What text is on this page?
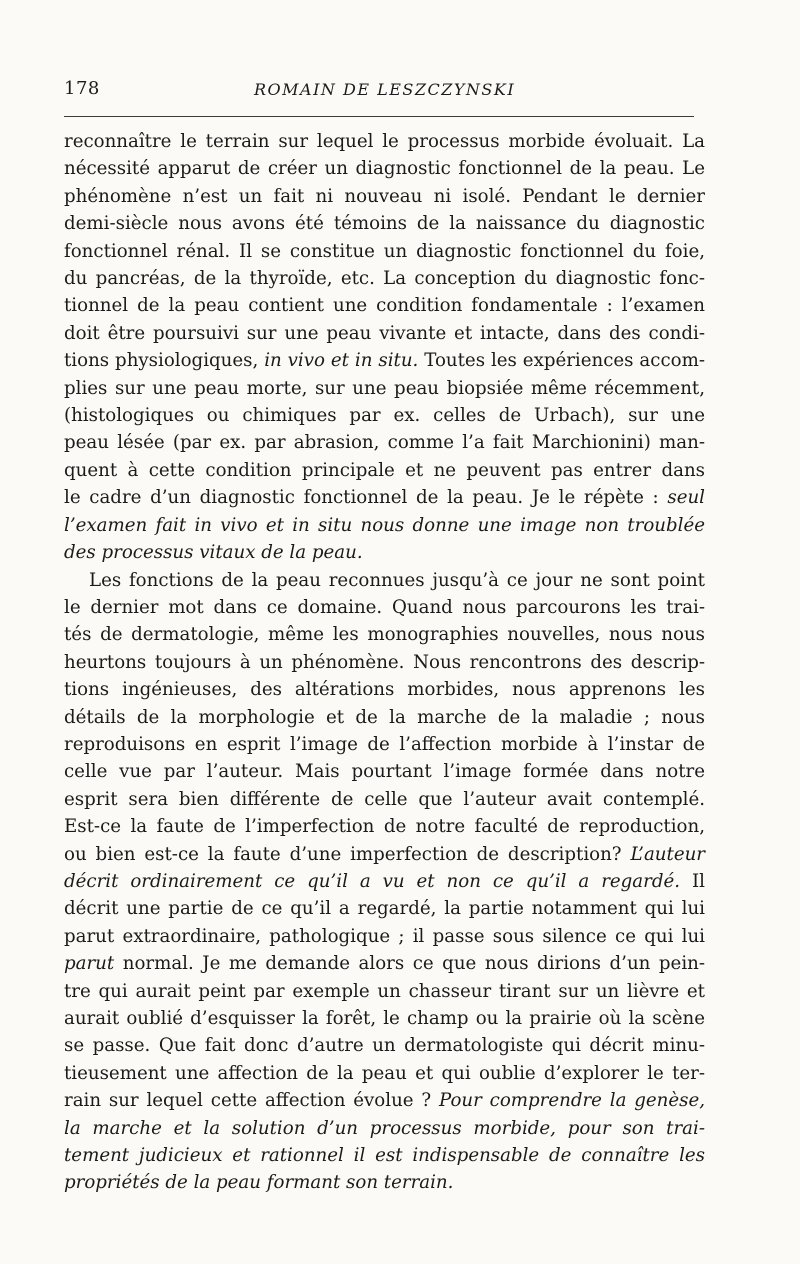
178	ROMAIN DE LESZCZYNSKI

reconnaître le terrain sur lequel le processus morbide évoluait. La

nécessité apparut de créer un diagnostic fonctionnel de la peau. Le

phénomène n’est un fait ni nouveau ni isolé. Pendant le dernier

demi-siècle nous avons été témoins de la naissance du diagnostic

fonctionnel rénal. Il se constitue un diagnostic fonctionnel du foie,

du pancréas, de la thyroïde, etc. La conception du diagnostic fonc-

tionnel de la peau contient une condition fondamentale : l’examen

doit être poursuivi sur une peau vivante et intacte, dans des condi-

tions physiologiques, in vivo et in situ. Toutes les expériences accom-

plies sur une peau morte, sur une peau biopsiée même récemment,

(histologiques ou chimiques par ex. celles de Urbach), sur une

peau lésée (par ex. par abrasion, comme l’a fait Marchionini) man-

quent à cette condition principale et ne peuvent pas entrer dans

le cadre d’un diagnostic fonctionnel de la peau. Je le répète : seul

l’examen fait in vivo et in situ nous donne une image non troublée

des processus vitaux de la peau.

Les fonctions de la peau reconnues jusqu’à ce jour ne sont point

le dernier mot dans ce domaine. Quand nous parcourons les trai-

tés de dermatologie, même les monographies nouvelles, nous nous

heurtons toujours à un phénomène. Nous rencontrons des descrip-

tions ingénieuses, des altérations morbides, nous apprenons les

détails de la morphologie et de la marche de la maladie ; nous

reproduisons en esprit l’image de l’affection morbide à l’instar de

celle vue par l’auteur. Mais pourtant l’image formée dans notre

esprit sera bien différente de celle que l’auteur avait contemplé.

Est-ce la faute de l’imperfection de notre faculté de reproduction,

ou bien est-ce la faute d’une imperfection de description? L’auteur

décrit ordinairement ce qu’il a vu et non ce qu’il a regardé. Il

décrit une partie de ce qu’il a regardé, la partie notamment qui lui

parut extraordinaire, pathologique ; il passe sous silence ce qui lui

parut normal. Je me demande alors ce que nous dirions d’un pein-

tre qui aurait peint par exemple un chasseur tirant sur un lièvre et

aurait oublié d’esquisser la forêt, le champ ou la prairie où la scène

se passe. Que fait donc d’autre un dermatologiste qui décrit minu-

tieusement une affection de la peau et qui oublie d’explorer le ter-

rain sur lequel cette affection évolue ? Pour comprendre la genèse,

la marche et la solution d’un processus morbide, pour son trai-

tement judicieux et rationnel il est indispensable de connaître les

propriétés de la peau formant son terrain.
